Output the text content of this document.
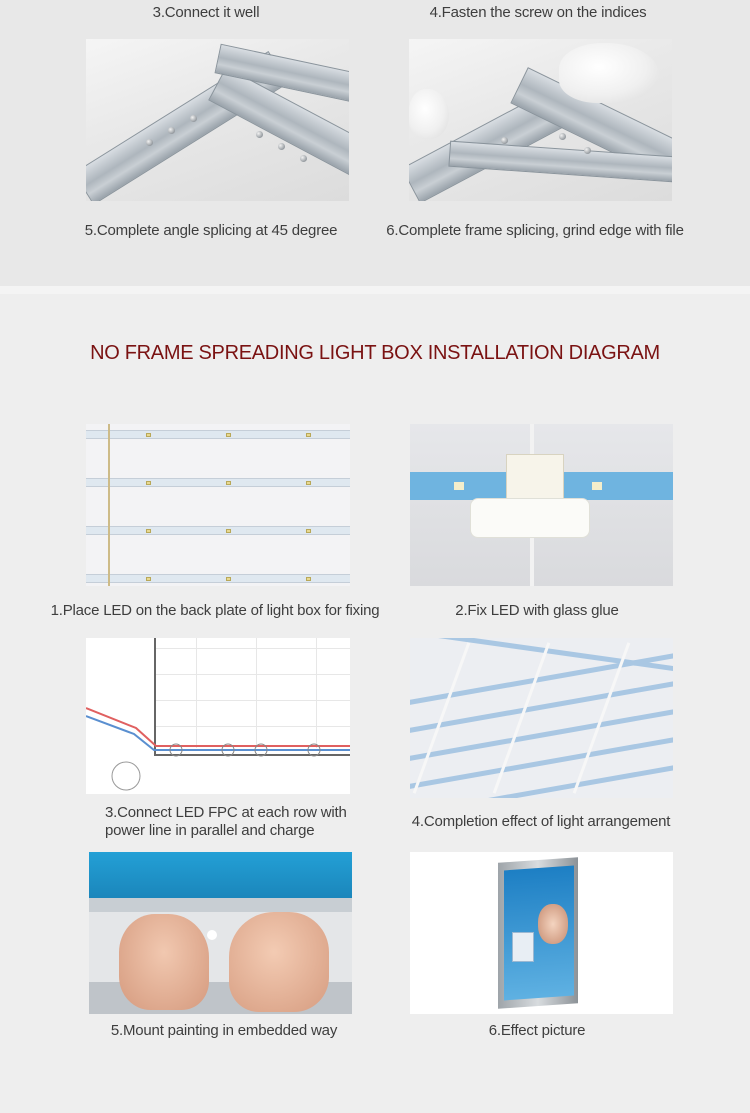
3.Connect it well	4.Fasten the screw on the indices
5.Complete angle splicing at 45 degree	6.Complete frame splicing, grind edge with file
NO FRAME SPREADING LIGHT BOX INSTALLATION DIAGRAM
1.Place LED on the back plate of light box for fixing	2.Fix LED with glass glue
3.Connect LED FPC at each row with
power line in parallel and charge
4.Completion effect of light arrangement
5.Mount painting in embedded way	6.Effect picture
